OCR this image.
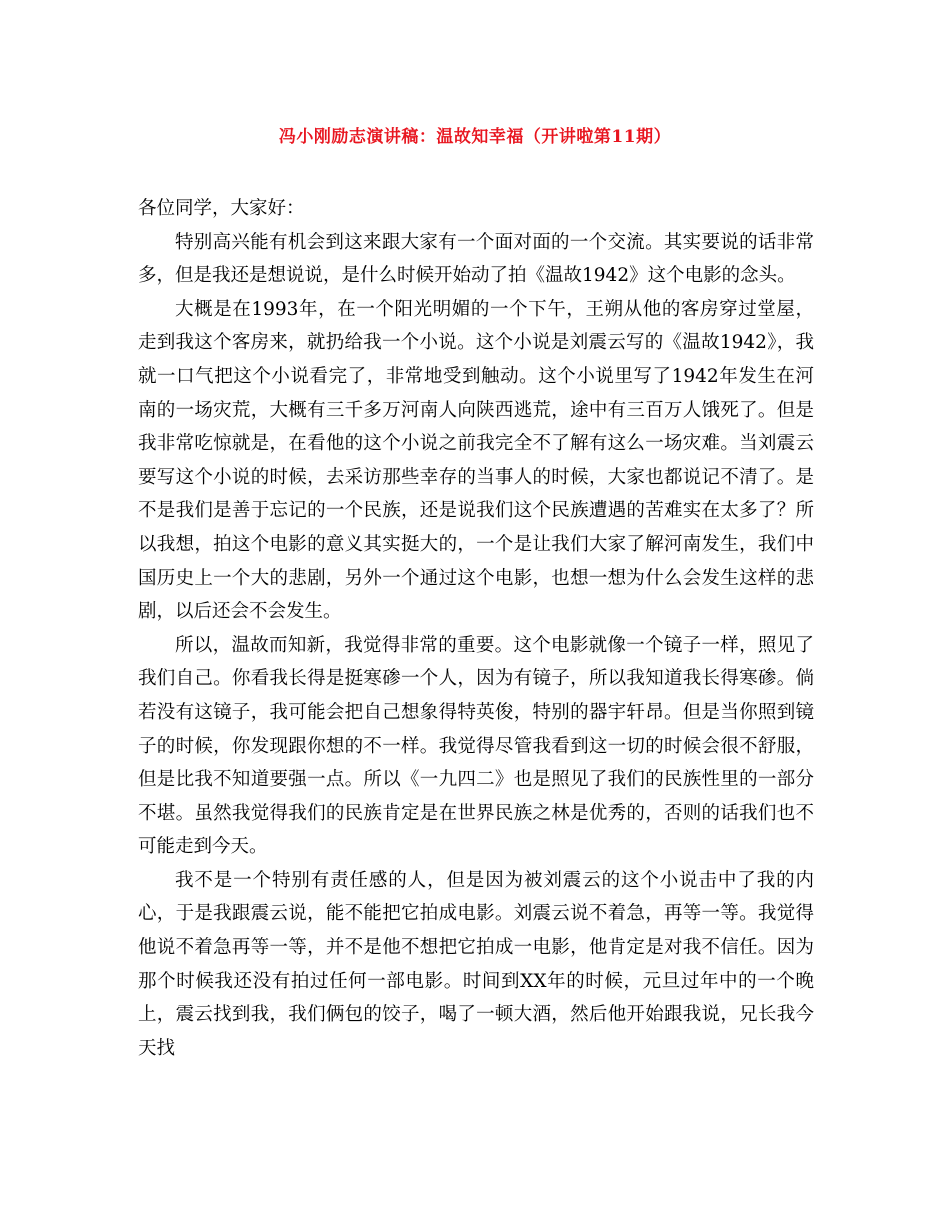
冯小刚励志演讲稿：温故知幸福（开讲啦第11期）

各位同学，大家好：

特别高兴能有机会到这来跟大家有一个面对面的一个交流。其实要说的话非常多，但是我还是想说说，是什么时候开始动了拍《温故1942》这个电影的念头。

大概是在1993年，在一个阳光明媚的一个下午，王朔从他的客房穿过堂屋，走到我这个客房来，就扔给我一个小说。这个小说是刘震云写的《温故1942》，我就一口气把这个小说看完了，非常地受到触动。这个小说里写了1942年发生在河南的一场灾荒，大概有三千多万河南人向陕西逃荒，途中有三百万人饿死了。但是我非常吃惊就是，在看他的这个小说之前我完全不了解有这么一场灾难。当刘震云要写这个小说的时候，去采访那些幸存的当事人的时候，大家也都说记不清了。是不是我们是善于忘记的一个民族，还是说我们这个民族遭遇的苦难实在太多了？所以我想，拍这个电影的意义其实挺大的，一个是让我们大家了解河南发生，我们中国历史上一个大的悲剧，另外一个通过这个电影，也想一想为什么会发生这样的悲剧，以后还会不会发生。

所以，温故而知新，我觉得非常的重要。这个电影就像一个镜子一样，照见了我们自己。你看我长得是挺寒碜一个人，因为有镜子，所以我知道我长得寒碜。倘若没有这镜子，我可能会把自己想象得特英俊，特别的器宇轩昂。但是当你照到镜子的时候，你发现跟你想的不一样。我觉得尽管我看到这一切的时候会很不舒服，但是比我不知道要强一点。所以《一九四二》也是照见了我们的民族性里的一部分不堪。虽然我觉得我们的民族肯定是在世界民族之林是优秀的，否则的话我们也不可能走到今天。

我不是一个特别有责任感的人，但是因为被刘震云的这个小说击中了我的内心，于是我跟震云说，能不能把它拍成电影。刘震云说不着急，再等一等。我觉得他说不着急再等一等，并不是他不想把它拍成一电影，他肯定是对我不信任。因为那个时候我还没有拍过任何一部电影。时间到XX年的时候，元旦过年中的一个晚上，震云找到我，我们俩包的饺子，喝了一顿大酒，然后他开始跟我说，兄长我今天找
